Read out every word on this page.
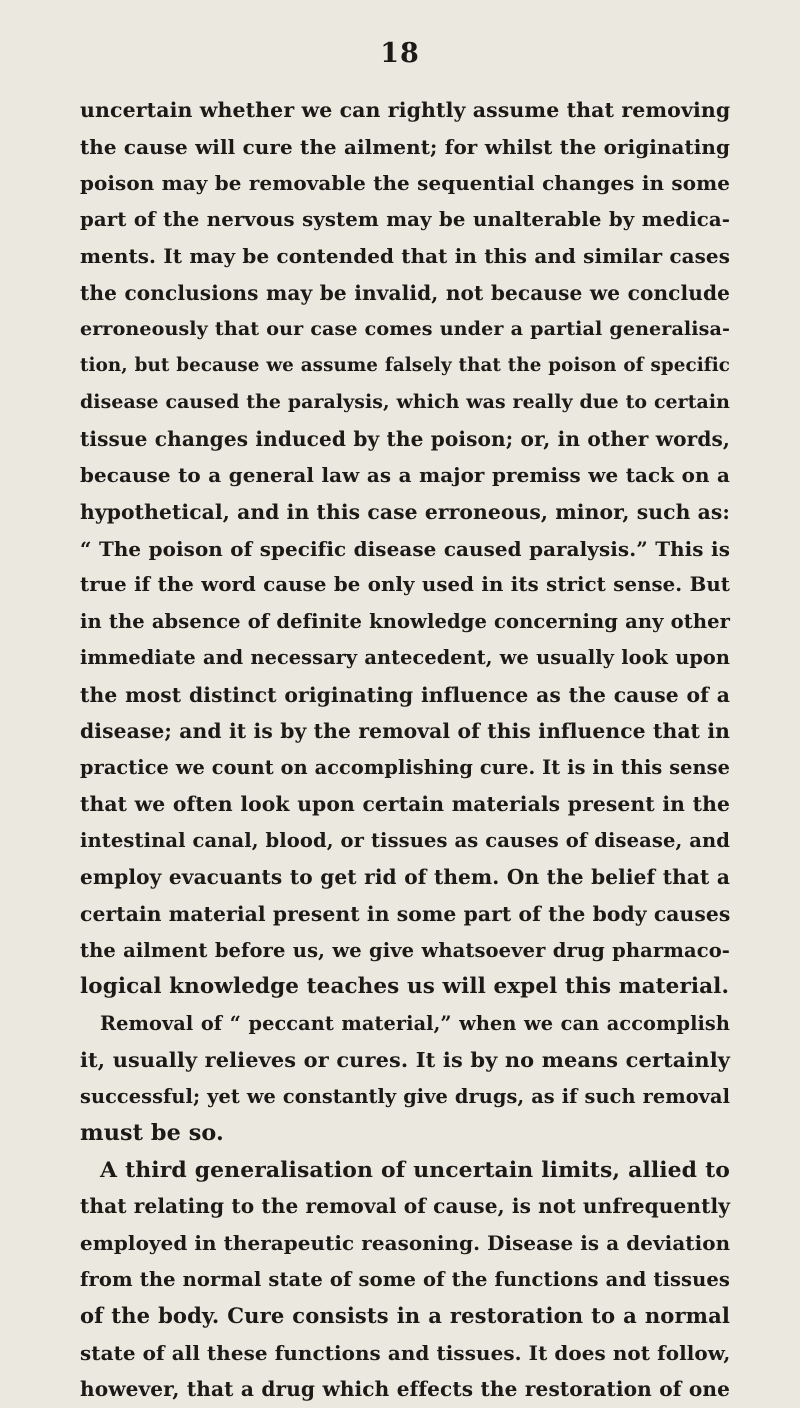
18
uncertain whether we can rightly assume that removing
the cause will cure the ailment; for whilst the originating
poison may be removable the sequential changes in some
part of the nervous system may be unalterable by medica-
ments. It may be contended that in this and similar cases
the conclusions may be invalid, not because we conclude
erroneously that our case comes under a partial generalisa-
tion, but because we assume falsely that the poison of specific
disease caused the paralysis, which was really due to certain
tissue changes induced by the poison; or, in other words,
because to a general law as a major premiss we tack on a
hypothetical, and in this case erroneous, minor, such as:
“ The poison of specific disease caused paralysis.” This is
true if the word cause be only used in its strict sense. But
in the absence of definite knowledge concerning any other
immediate and necessary antecedent, we usually look upon
the most distinct originating influence as the cause of a
disease; and it is by the removal of this influence that in
practice we count on accomplishing cure. It is in this sense
that we often look upon certain materials present in the
intestinal canal, blood, or tissues as causes of disease, and
employ evacuants to get rid of them. On the belief that a
certain material present in some part of the body causes
the ailment before us, we give whatsoever drug pharmaco-
logical knowledge teaches us will expel this material.
Removal of “ peccant material,” when we can accomplish
it, usually relieves or cures. It is by no means certainly
successful; yet we constantly give drugs, as if such removal
must be so.
A third generalisation of uncertain limits, allied to
that relating to the removal of cause, is not unfrequently
employed in therapeutic reasoning. Disease is a deviation
from the normal state of some of the functions and tissues
of the body. Cure consists in a restoration to a normal
state of all these functions and tissues. It does not follow,
however, that a drug which effects the restoration of one
